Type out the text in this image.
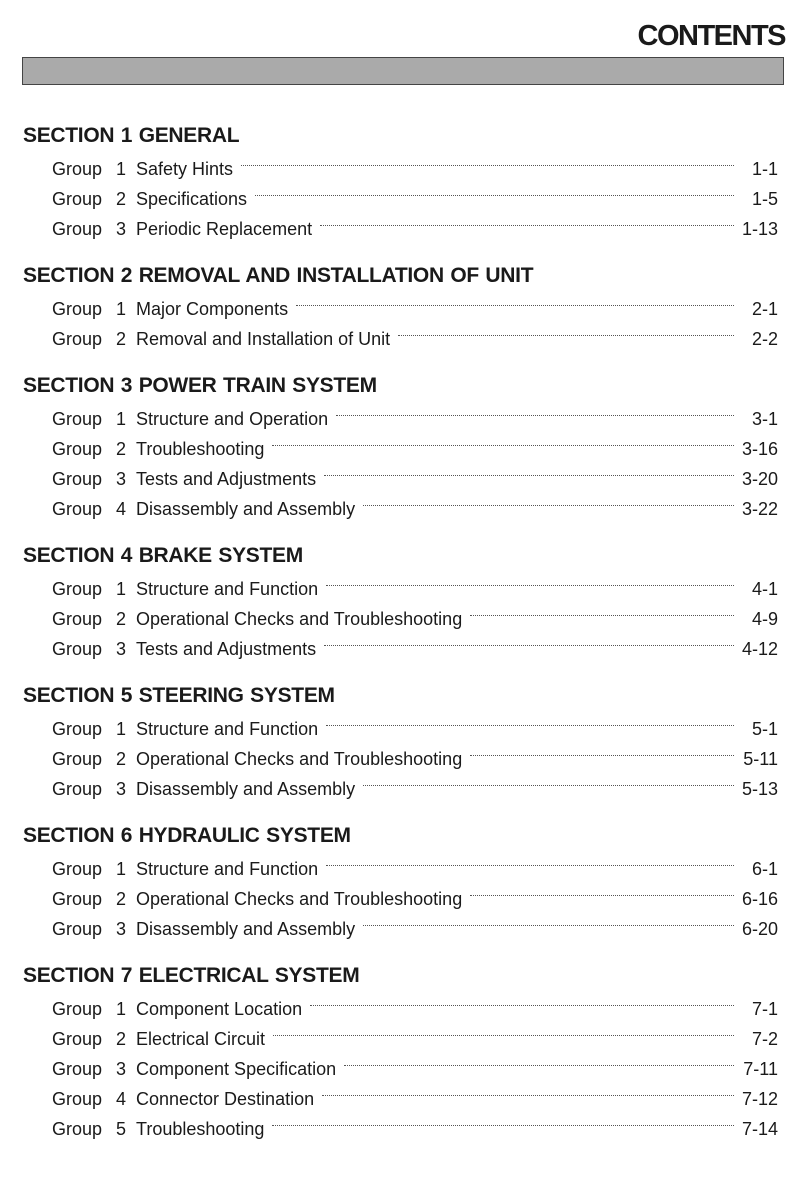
CONTENTS
SECTION 1 GENERAL
Group 1 Safety Hints	1-1
Group 2 Specifications	1-5
Group 3 Periodic Replacement	1-13
SECTION 2 REMOVAL AND INSTALLATION OF UNIT
Group 1 Major Components	2-1
Group 2 Removal and Installation of Unit	2-2
SECTION 3 POWER TRAIN SYSTEM
Group 1 Structure and Operation	3-1
Group 2 Troubleshooting	3-16
Group 3 Tests and Adjustments	3-20
Group 4 Disassembly and Assembly	3-22
SECTION 4 BRAKE SYSTEM
Group 1 Structure and Function	4-1
Group 2 Operational Checks and Troubleshooting	4-9
Group 3 Tests and Adjustments	4-12
SECTION 5 STEERING SYSTEM
Group 1 Structure and Function	5-1
Group 2 Operational Checks and Troubleshooting	5-11
Group 3 Disassembly and Assembly	5-13
SECTION 6 HYDRAULIC SYSTEM
Group 1 Structure and Function	6-1
Group 2 Operational Checks and Troubleshooting	6-16
Group 3 Disassembly and Assembly	6-20
SECTION 7 ELECTRICAL SYSTEM
Group 1 Component Location	7-1
Group 2 Electrical Circuit	7-2
Group 3 Component Specification	7-11
Group 4 Connector Destination	7-12
Group 5 Troubleshooting	7-14
